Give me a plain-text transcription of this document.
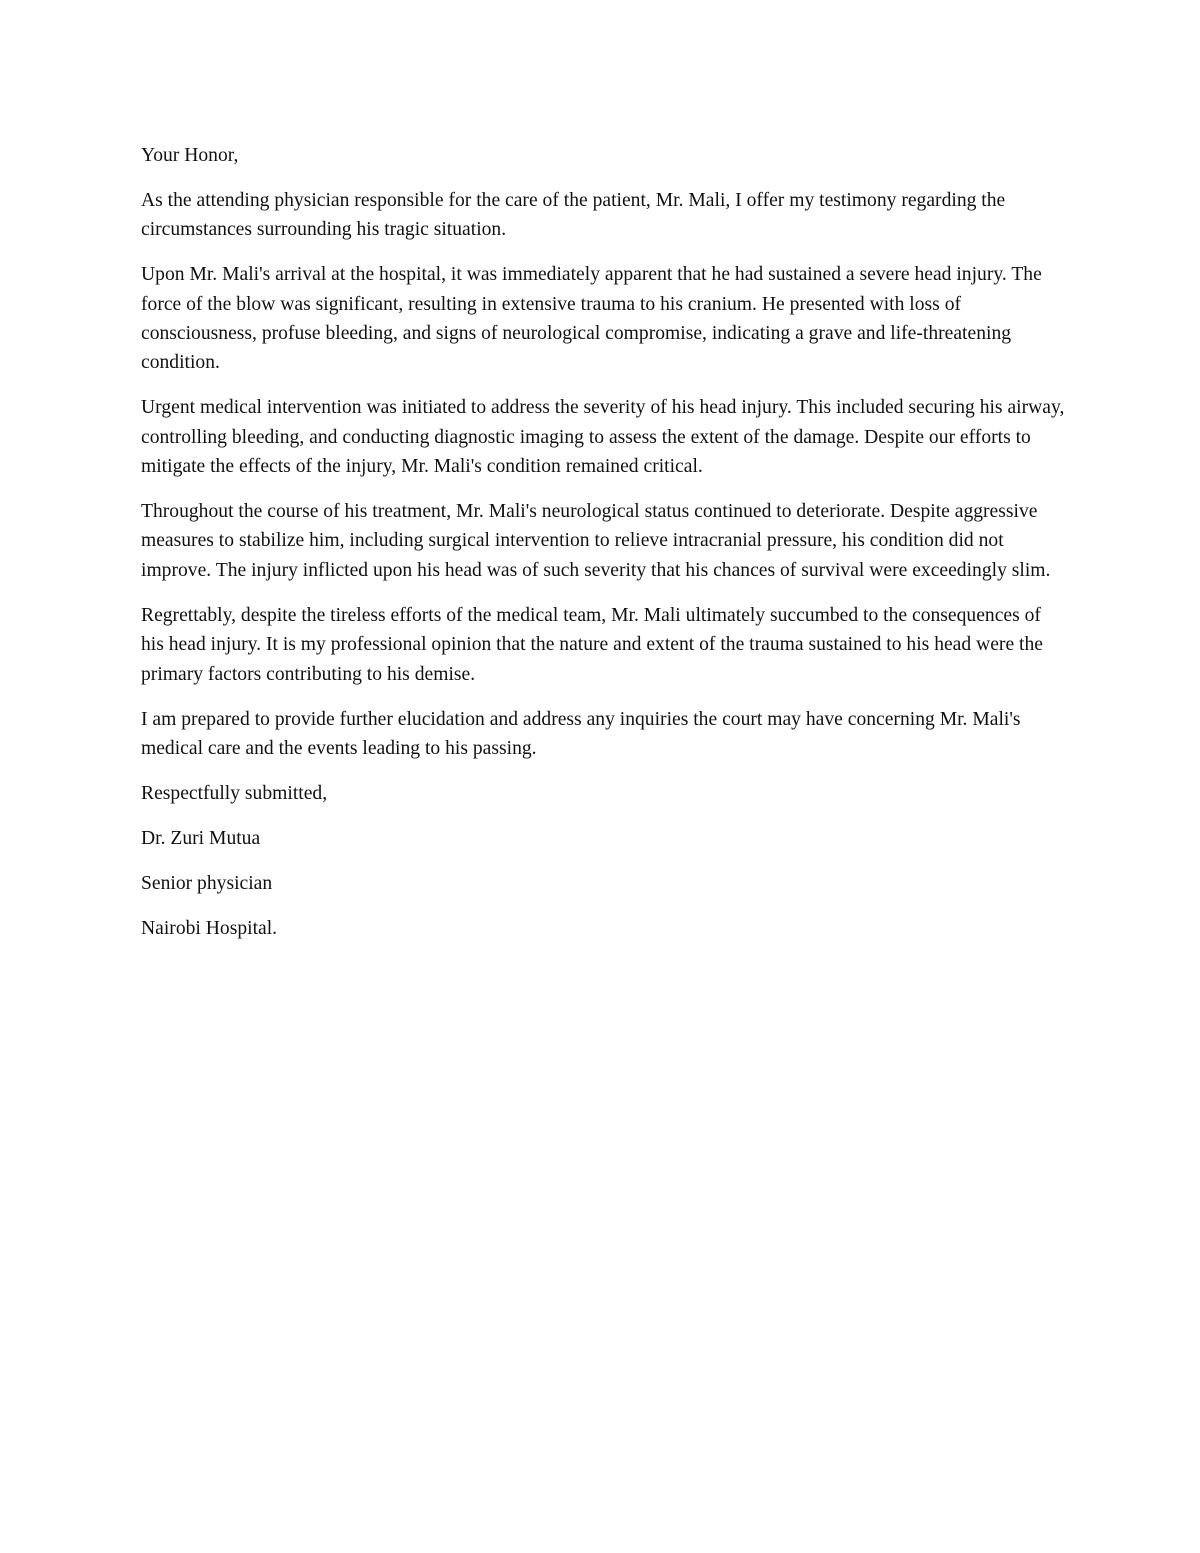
Your Honor,

As the attending physician responsible for the care of the patient, Mr. Mali, I offer my testimony regarding the circumstances surrounding his tragic situation.

Upon Mr. Mali's arrival at the hospital, it was immediately apparent that he had sustained a severe head injury. The force of the blow was significant, resulting in extensive trauma to his cranium. He presented with loss of consciousness, profuse bleeding, and signs of neurological compromise, indicating a grave and life-threatening condition.

Urgent medical intervention was initiated to address the severity of his head injury. This included securing his airway, controlling bleeding, and conducting diagnostic imaging to assess the extent of the damage. Despite our efforts to mitigate the effects of the injury, Mr. Mali's condition remained critical.

Throughout the course of his treatment, Mr. Mali's neurological status continued to deteriorate. Despite aggressive measures to stabilize him, including surgical intervention to relieve intracranial pressure, his condition did not improve. The injury inflicted upon his head was of such severity that his chances of survival were exceedingly slim.

Regrettably, despite the tireless efforts of the medical team, Mr. Mali ultimately succumbed to the consequences of his head injury. It is my professional opinion that the nature and extent of the trauma sustained to his head were the primary factors contributing to his demise.

I am prepared to provide further elucidation and address any inquiries the court may have concerning Mr. Mali's medical care and the events leading to his passing.

Respectfully submitted,

Dr. Zuri Mutua

Senior physician

Nairobi Hospital.
